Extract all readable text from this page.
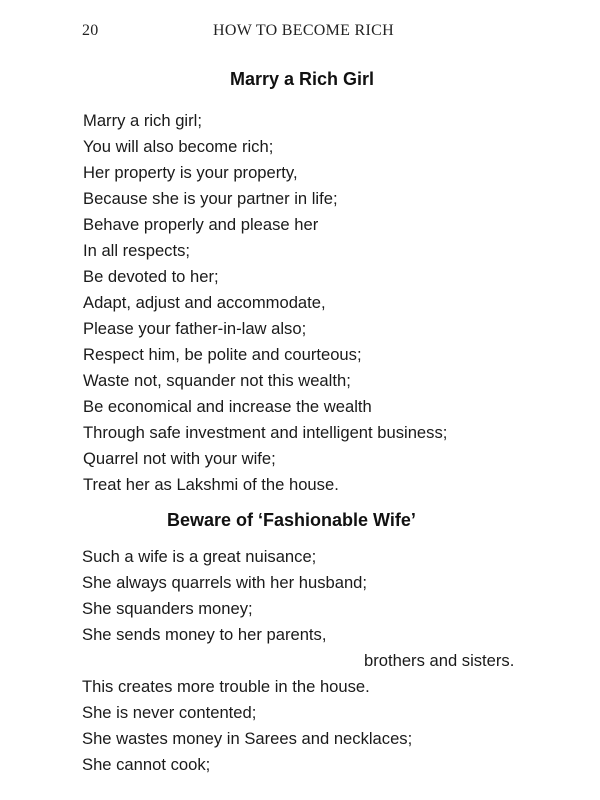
20	HOW TO BECOME RICH
Marry a Rich Girl
Marry a rich girl;
You will also become rich;
Her property is your property,
Because she is your partner in life;
Behave properly and please her
In all respects;
Be devoted to her;
Adapt, adjust and accommodate,
Please your father-in-law also;
Respect him, be polite and courteous;
Waste not, squander not this wealth;
Be economical and increase the wealth
Through safe investment and intelligent business;
Quarrel not with your wife;
Treat her as Lakshmi of the house.
Beware of ‘Fashionable Wife’
Such a wife is a great nuisance;
She always quarrels with her husband;
She squanders money;
She sends money to her parents,
brothers and sisters.
This creates more trouble in the house.
She is never contented;
She wastes money in Sarees and necklaces;
She cannot cook;
